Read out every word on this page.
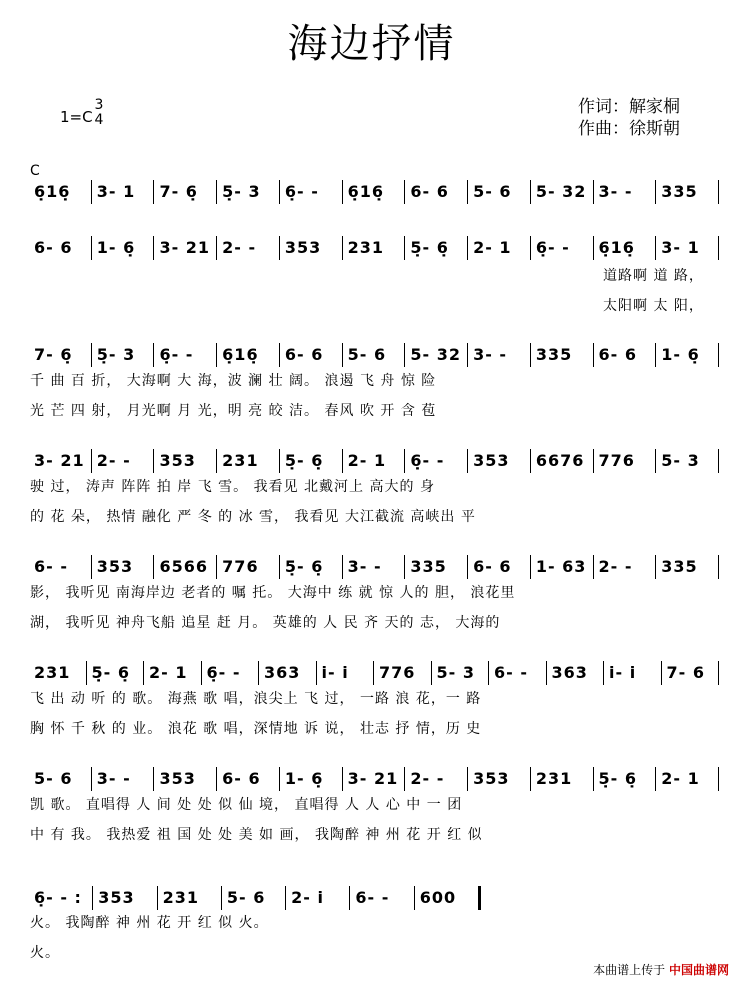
海边抒情
1=C
3
4
作词：解家桐
作曲：徐斯朝
C
6̣16̣ 3- 1 7- 6̣ 5̣- 3 6̣- - 6̣16̣ 6- 6 5- 6 5- 32 3- - 335
6- 6 1- 6̣ 3- 21 2- - 353 231 5̣- 6̣ 2- 1 6̣- - 6̣16̣ 3- 1
7- 6̣ 5̣- 3 6̣- - 6̣16̣ 6- 6 5- 6 5- 32 3- - 335 6- 6 1- 6̣
3- 21 2- - 353 231 5̣- 6̣ 2- 1 6̣- - 353 6676 776 5- 3
6- - 353 6566 776 5̣- 6̣ 3- - 335 6- 6 1- 63 2- - 335
231 5̣- 6̣ 2- 1 6̣- - 363 i- i 776 5- 3 6- - 363 i- i 7- 6
5- 6 3- - 353 6- 6 1- 6̣ 3- 21 2- - 353 231 5̣- 6̣ 2- 1
6̣- - : 353 231 5- 6 2- i 6- - 600
道路啊 道 路，
太阳啊 太 阳，
千 曲 百 折， 大海啊 大 海，波 澜 壮 阔。 浪遏 飞 舟 惊 险
光 芒 四 射， 月光啊 月 光，明 亮 皎 洁。 春风 吹 开 含 苞
驶 过， 涛声 阵阵 拍 岸 飞 雪。 我看见 北戴河上 高大的 身
的 花 朵， 热情 融化 严 冬 的 冰 雪， 我看见 大江截流 高峡出 平
影， 我听见 南海岸边 老者的 嘱 托。 大海中 练 就 惊 人的 胆， 浪花里
湖， 我听见 神舟飞船 追星 赶 月。 英雄的 人 民 齐 天的 志， 大海的
飞 出 动 听 的 歌。 海燕 歌 唱，浪尖上 飞 过， 一路 浪 花，一 路
胸 怀 千 秋 的 业。 浪花 歌 唱，深情地 诉 说， 壮志 抒 情，历 史
凯 歌。 直唱得 人 间 处 处 似 仙 境， 直唱得 人 人 心 中 一 团
中 有 我。 我热爱 祖 国 处 处 美 如 画， 我陶醉 神 州 花 开 红 似
火。 我陶醉 神 州 花 开 红 似 火。
火。
本曲谱上传于 中国曲谱网
